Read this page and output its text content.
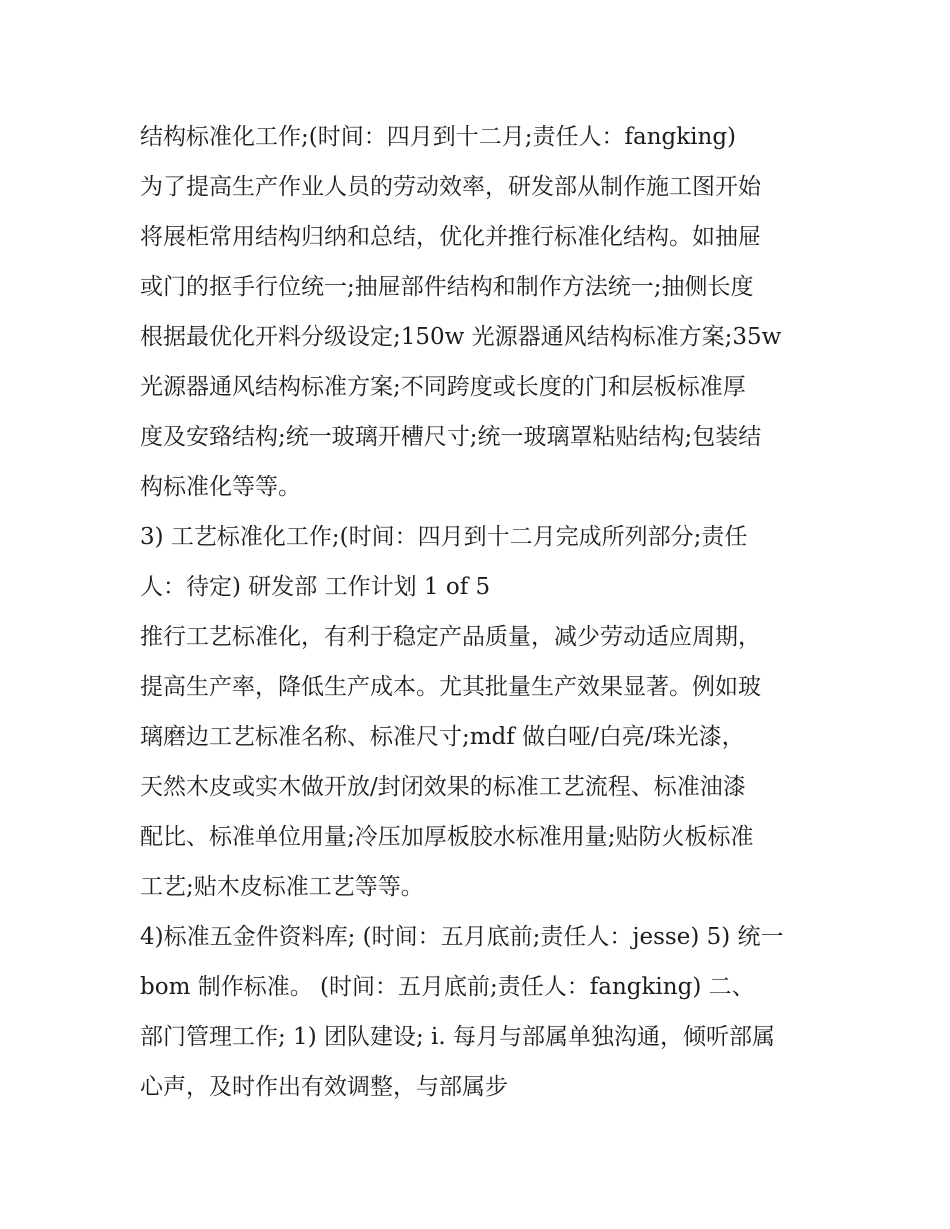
结构标准化工作;(时间：四月到十二月;责任人：fangking)
为了提高生产作业人员的劳动效率，研发部从制作施工图开始
将展柜常用结构归纳和总结，优化并推行标准化结构。如抽屉
或门的抠手行位统一;抽屉部件结构和制作方法统一;抽侧长度
根据最优化开料分级设定;150w 光源器通风结构标准方案;35w
光源器通风结构标准方案;不同跨度或长度的门和层板标准厚
度及安臵结构;统一玻璃开槽尺寸;统一玻璃罩粘贴结构;包装结
构标准化等等。
3) 工艺标准化工作;(时间：四月到十二月完成所列部分;责任
人：待定) 研发部 工作计划 1 of 5
推行工艺标准化，有利于稳定产品质量，减少劳动适应周期，
提高生产率，降低生产成本。尤其批量生产效果显著。例如玻
璃磨边工艺标准名称、标准尺寸;mdf 做白哑/白亮/珠光漆，
天然木皮或实木做开放/封闭效果的标准工艺流程、标准油漆
配比、标准单位用量;冷压加厚板胶水标准用量;贴防火板标准
工艺;贴木皮标准工艺等等。
4)标准五金件资料库; (时间：五月底前;责任人：jesse) 5) 统一
bom 制作标准。 (时间：五月底前;责任人：fangking) 二、
部门管理工作; 1) 团队建设; i. 每月与部属单独沟通，倾听部属
心声，及时作出有效调整，与部属步
